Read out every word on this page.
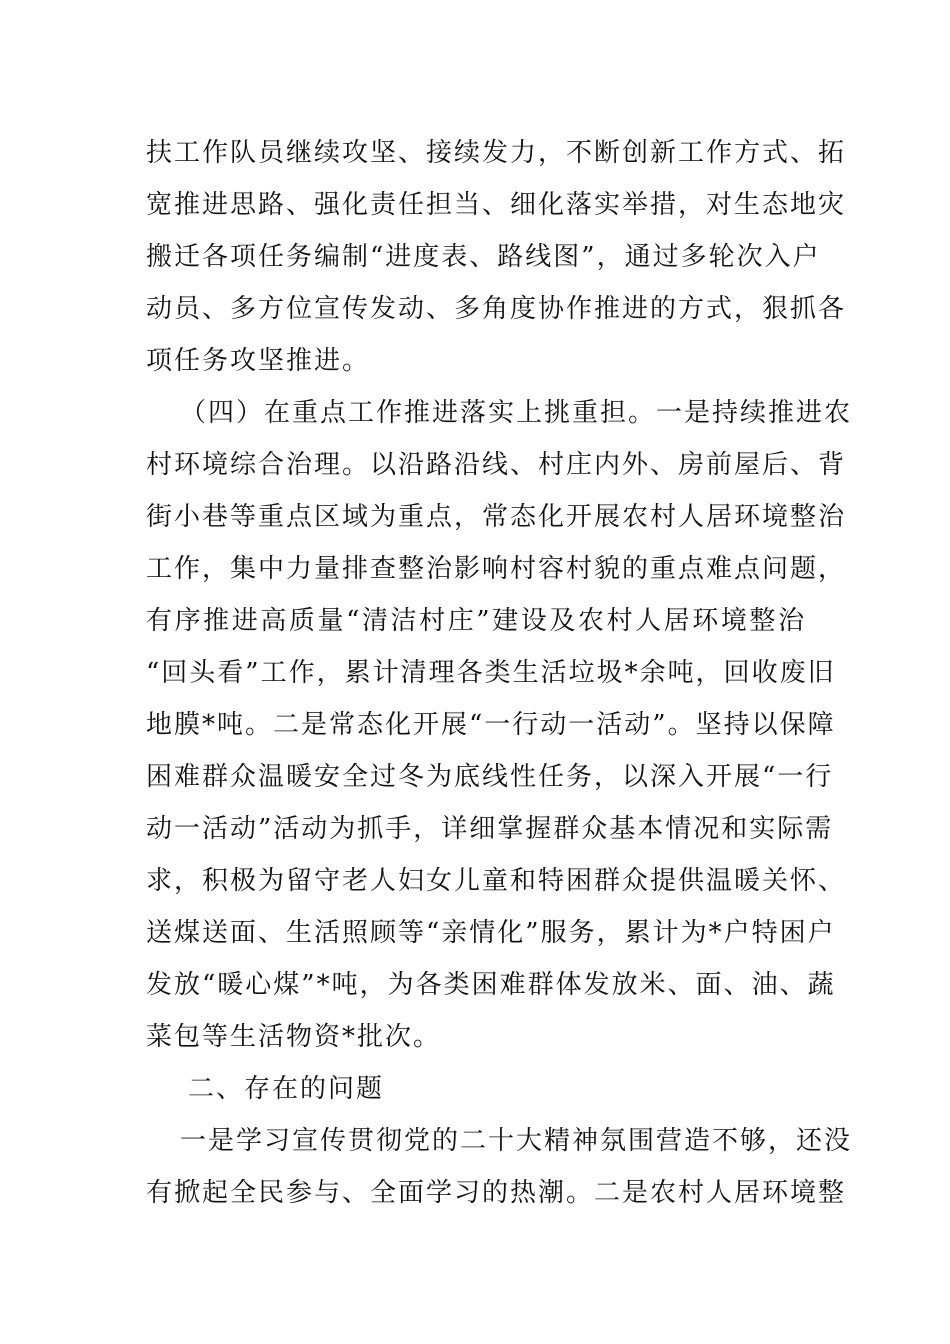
扶工作队员继续攻坚、接续发力，不断创新工作方式、拓
宽推进思路、强化责任担当、细化落实举措，对生态地灾
搬迁各项任务编制“进度表、路线图”，通过多轮次入户
动员、多方位宣传发动、多角度协作推进的方式，狠抓各
项任务攻坚推进。
（四）在重点工作推进落实上挑重担。一是持续推进农
村环境综合治理。以沿路沿线、村庄内外、房前屋后、背
街小巷等重点区域为重点，常态化开展农村人居环境整治
工作，集中力量排查整治影响村容村貌的重点难点问题，
有序推进高质量“清洁村庄”建设及农村人居环境整治
“回头看”工作，累计清理各类生活垃圾*余吨，回收废旧
地膜*吨。二是常态化开展“一行动一活动”。坚持以保障
困难群众温暖安全过冬为底线性任务，以深入开展“一行
动一活动”活动为抓手，详细掌握群众基本情况和实际需
求，积极为留守老人妇女儿童和特困群众提供温暖关怀、
送煤送面、生活照顾等“亲情化”服务，累计为*户特困户
发放“暖心煤”*吨，为各类困难群体发放米、面、油、蔬
菜包等生活物资*批次。
二、存在的问题
一是学习宣传贯彻党的二十大精神氛围营造不够，还没
有掀起全民参与、全面学习的热潮。二是农村人居环境整
